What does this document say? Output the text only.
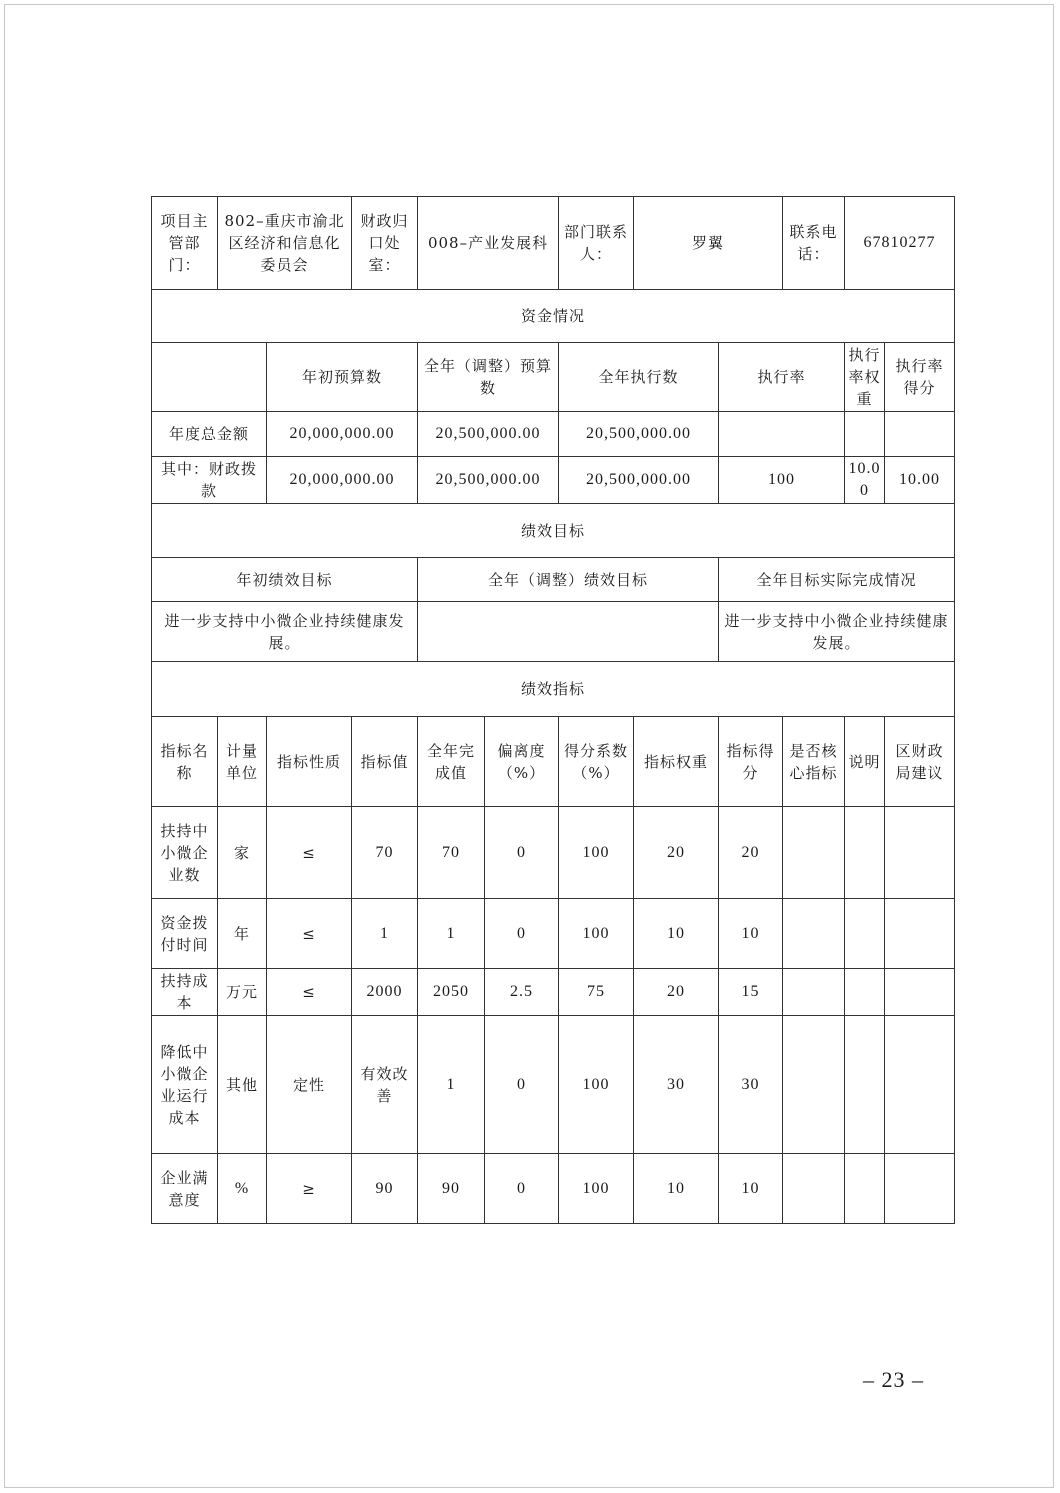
项目主管部门：	802–重庆市渝北区经济和信息化委员会		财政归口处室：	008–产业发展科		部门联系人：	罗翼		联系电话：	67810277	
资金情况											
		年初预算数		全年（调整）预算数		全年执行数		执行率		执行率权重	执行率得分
年度总金额		20,000,000.00		20,500,000.00		20,500,000.00					
其中：财政拨款		20,000,000.00		20,500,000.00		20,500,000.00		100		10.00	10.00
绩效目标											
年初绩效目标				全年（调整）绩效目标				全年目标实际完成情况			
进一步支持中小微企业持续健康发展。								进一步支持中小微企业持续健康发展。			
绩效指标											
指标名称	计量单位	指标性质	指标值	全年完成值	偏离度（%）	得分系数（%）	指标权重	指标得分	是否核心指标	说明	区财政局建议
扶持中小微企业数	家	≤	70	70	0	100	20	20			
资金拨付时间	年	≤	1	1	0	100	10	10			
扶持成本	万元	≤	2000	2050	2.5	75	20	15			
降低中小微企业运行成本	其他	定性	有效改善	1	0	100	30	30			
企业满意度	%	≥	90	90	0	100	10	10			
– 23 –
